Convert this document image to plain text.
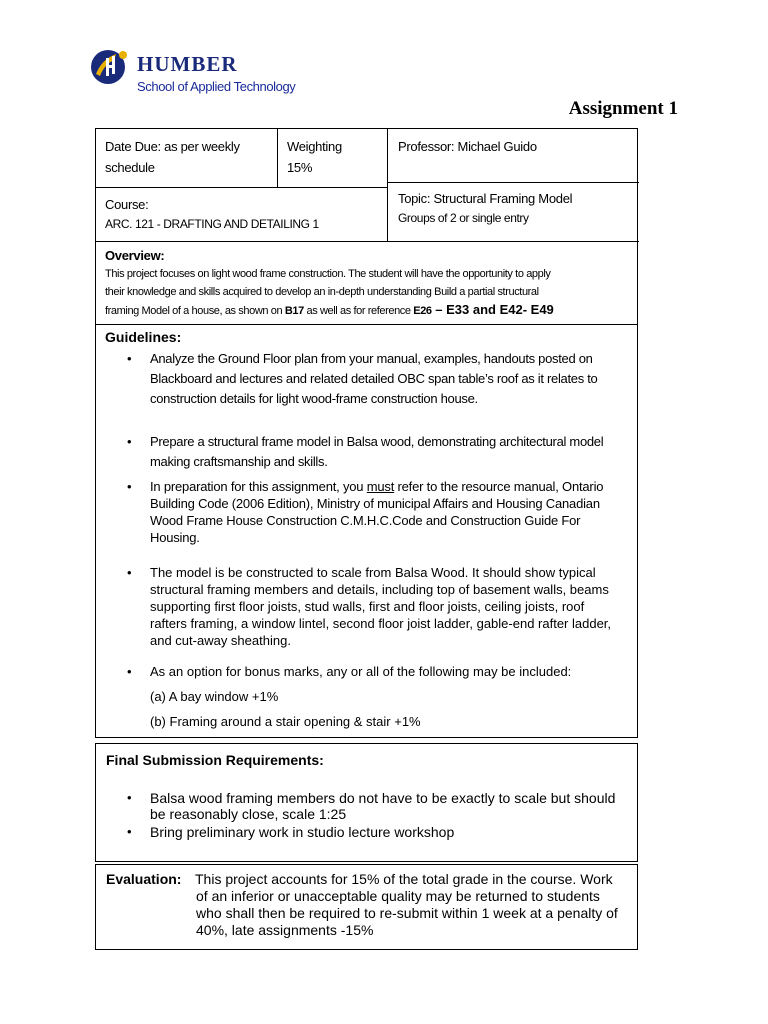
HUMBER
School of Applied Technology
Assignment 1
Date Due: as per weekly
schedule
Weighting
15%
Professor: Michael Guido
Course:
ARC. 121 - DRAFTING AND DETAILING 1
Topic: Structural Framing Model
Groups of 2 or single entry
Overview:
This project focuses on light wood frame construction. The student will have the opportunity to apply
their knowledge and skills acquired to develop an in-depth understanding Build a partial structural
framing Model of a house, as shown on B17 as well as for reference E26 – E33 and E42- E49
Guidelines:
• Analyze the Ground Floor plan from your manual, examples, handouts posted on
Blackboard and lectures and related detailed OBC span table’s roof as it relates to
construction details for light wood-frame construction house.
• Prepare a structural frame model in Balsa wood, demonstrating architectural model
making craftsmanship and skills.
• In preparation for this assignment, you must refer to the resource manual, Ontario
Building Code (2006 Edition), Ministry of municipal Affairs and Housing Canadian
Wood Frame House Construction C.M.H.C.Code and Construction Guide For
Housing.
• The model is be constructed to scale from Balsa Wood. It should show typical
structural framing members and details, including top of basement walls, beams
supporting first floor joists, stud walls, first and floor joists, ceiling joists, roof
rafters framing, a window lintel, second floor joist ladder, gable-end rafter ladder,
and cut-away sheathing.
• As an option for bonus marks, any or all of the following may be included:
(a) A bay window +1%
(b) Framing around a stair opening & stair +1%
Final Submission Requirements:
• Balsa wood framing members do not have to be exactly to scale but should
be reasonably close, scale 1:25
• Bring preliminary work in studio lecture workshop
Evaluation: This project accounts for 15% of the total grade in the course. Work
of an inferior or unacceptable quality may be returned to students
who shall then be required to re-submit within 1 week at a penalty of
40%, late assignments -15%
